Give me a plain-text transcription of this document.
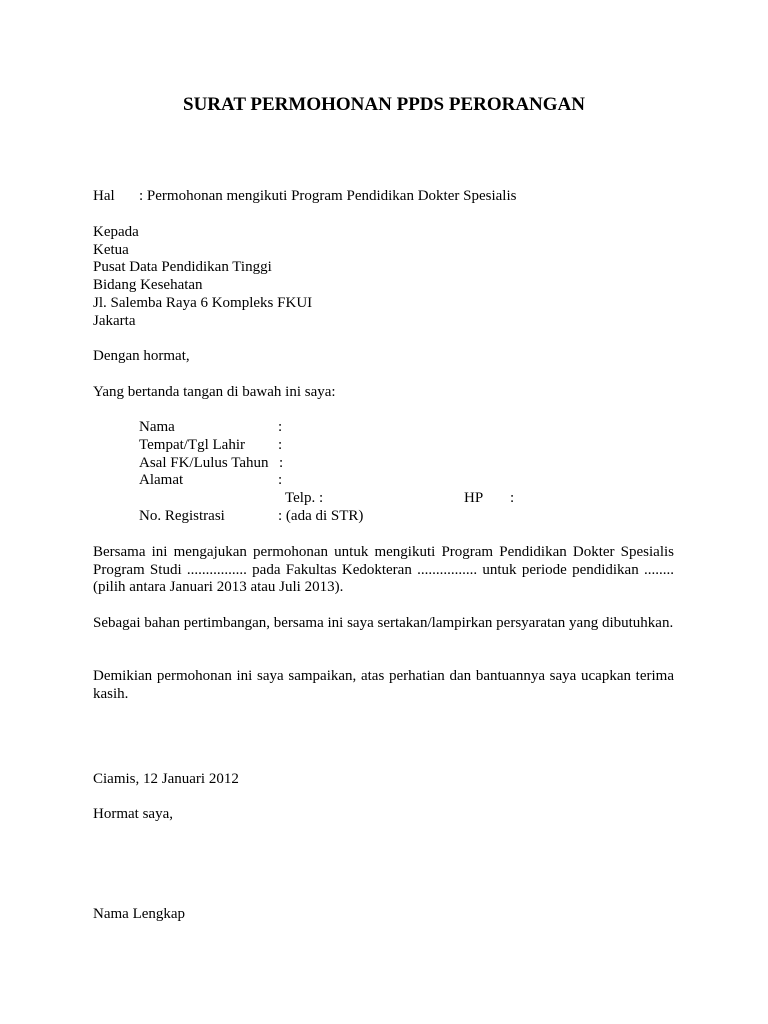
SURAT PERMOHONAN PPDS PERORANGAN
Hal : Permohonan mengikuti Program Pendidikan Dokter Spesialis
Kepada
Ketua
Pusat Data Pendidikan Tinggi
Bidang Kesehatan
Jl. Salemba Raya 6 Kompleks FKUI
Jakarta
Dengan hormat,
Yang bertanda tangan di bawah ini saya:
Nama	:
Tempat/Tgl Lahir :
Asal FK/Lulus Tahun :
Alamat	:
Telp. :	HP :
No. Registrasi	: (ada di STR)
Bersama ini mengajukan permohonan untuk mengikuti Program Pendidikan Dokter Spesialis Program Studi ................ pada Fakultas Kedokteran ................ untuk periode pendidikan ........ (pilih antara Januari 2013 atau Juli 2013).
Sebagai bahan pertimbangan, bersama ini saya sertakan/lampirkan persyaratan yang dibutuhkan.
Demikian permohonan ini saya sampaikan, atas perhatian dan bantuannya saya ucapkan terima kasih.
Ciamis, 12 Januari 2012
Hormat saya,
Nama Lengkap
